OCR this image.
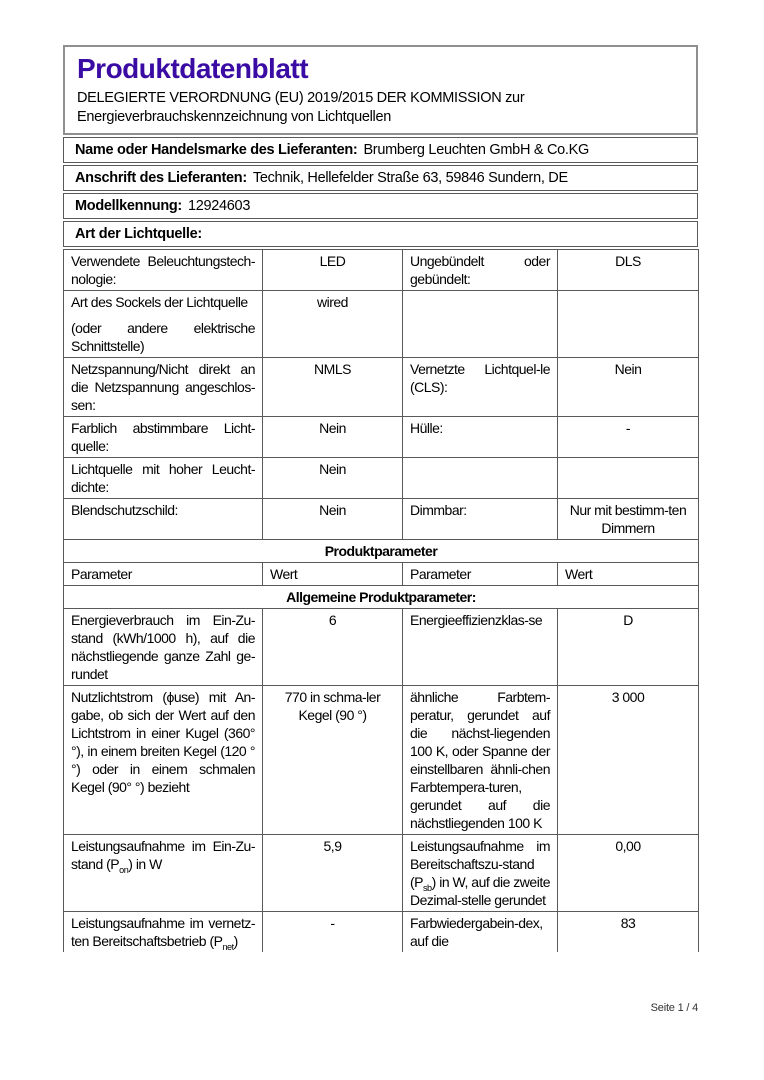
Produktdatenblatt
DELEGIERTE VERORDNUNG (EU) 2019/2015 DER KOMMISSION zur
Energieverbrauchskennzeichnung von Lichtquellen
Name oder Handelsmarke des Lieferanten: Brumberg Leuchten GmbH & Co.KG
Anschrift des Lieferanten: Technik, Hellefelder Straße 63, 59846 Sundern, DE
Modellkennung: 12924603
Art der Lichtquelle:
Verwendete Beleuchtungstech-nologie:	LED	Ungebündelt oder gebündelt:	DLS

Art des Sockels der Lichtquelle
(oder andere elektrische Schnittstelle)	wired		
Netzspannung/Nicht direkt an die Netzspannung angeschlos-sen:	NMLS	Vernetzte Lichtquel-le (CLS):	Nein
Farblich abstimmbare Licht-quelle:	Nein	Hülle:	-
Lichtquelle mit hoher Leucht-dichte:	Nein		
Blendschutzschild:	Nein	Dimmbar:	Nur mit bestimm-ten Dimmern
Produktparameter			
Parameter	Wert	Parameter	Wert
Allgemeine Produktparameter:			
Energieverbrauch im Ein-Zu-stand (kWh/1000 h), auf die nächstliegende ganze Zahl ge-rundet	6	Energieeffizienzklas-se	D
Nutzlichtstrom (ϕuse) mit An-gabe, ob sich der Wert auf den Lichtstrom in einer Kugel (360° °), in einem breiten Kegel (120 °°) oder in einem schmalen Kegel (90° °) bezieht	770 in schma-ler Kegel (90 °)	ähnliche Farbtem-peratur, gerundet auf die nächst-liegenden 100 K, oder Spanne der einstellbaren ähnli-chen Farbtempera-turen, gerundet auf die nächstliegenden 100 K	3 000
Leistungsaufnahme im Ein-Zu-stand $(P_{on})$ in W	5,9	Leistungsaufnahme im Bereitschaftszu-stand $(P_{sb})$ in W, auf die zweite Dezimal-stelle gerundet	0,00
Leistungsaufnahme im vernetz-ten Bereitschaftsbetrieb $(P_{net})$	-	Farbwiedergabein-dex, auf die	83
Seite 1 / 4
